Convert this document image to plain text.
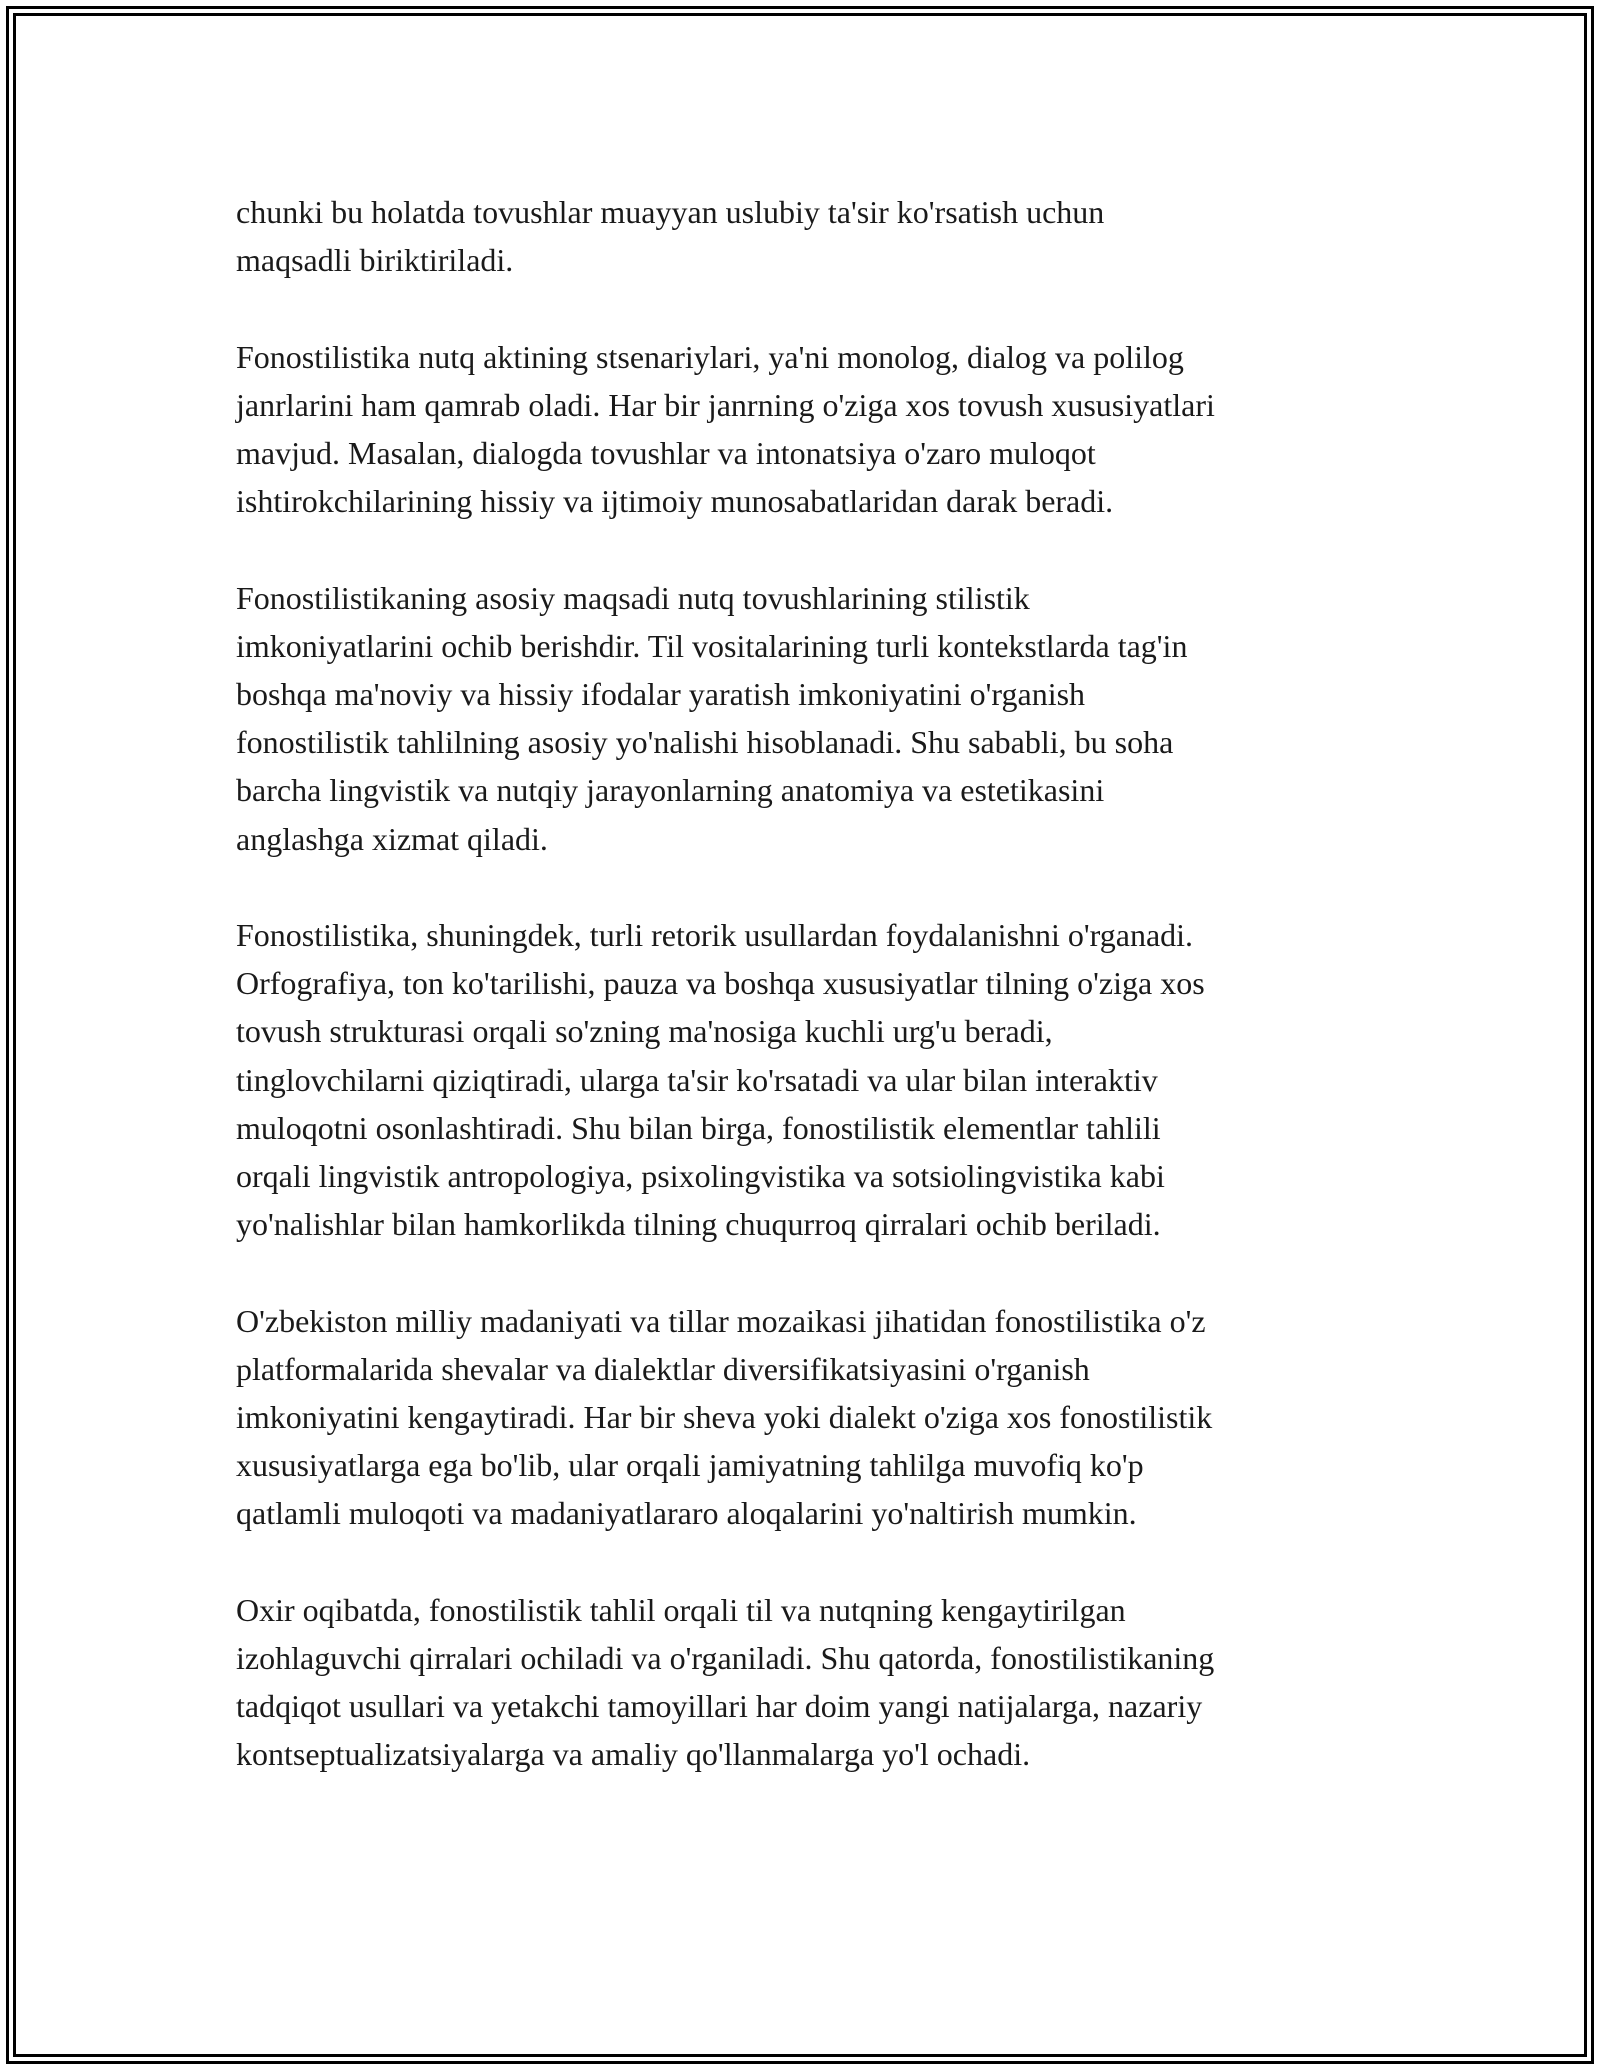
chunki bu holatda tovushlar muayyan uslubiy ta'sir ko'rsatish uchun
maqsadli biriktiriladi.

Fonostilistika nutq aktining stsenariylari, ya'ni monolog, dialog va polilog
janrlarini ham qamrab oladi. Har bir janrning o'ziga xos tovush xususiyatlari
mavjud. Masalan, dialogda tovushlar va intonatsiya o'zaro muloqot
ishtirokchilarining hissiy va ijtimoiy munosabatlaridan darak beradi.

Fonostilistikaning asosiy maqsadi nutq tovushlarining stilistik
imkoniyatlarini ochib berishdir. Til vositalarining turli kontekstlarda tag'in
boshqa ma'noviy va hissiy ifodalar yaratish imkoniyatini o'rganish
fonostilistik tahlilning asosiy yo'nalishi hisoblanadi. Shu sababli, bu soha
barcha lingvistik va nutqiy jarayonlarning anatomiya va estetikasini
anglashga xizmat qiladi.

Fonostilistika, shuningdek, turli retorik usullardan foydalanishni o'rganadi.
Orfografiya, ton ko'tarilishi, pauza va boshqa xususiyatlar tilning o'ziga xos
tovush strukturasi orqali so'zning ma'nosiga kuchli urg'u beradi,
tinglovchilarni qiziqtiradi, ularga ta'sir ko'rsatadi va ular bilan interaktiv
muloqotni osonlashtiradi. Shu bilan birga, fonostilistik elementlar tahlili
orqali lingvistik antropologiya, psixolingvistika va sotsiolingvistika kabi
yo'nalishlar bilan hamkorlikda tilning chuqurroq qirralari ochib beriladi.

O'zbekiston milliy madaniyati va tillar mozaikasi jihatidan fonostilistika o'z
platformalarida shevalar va dialektlar diversifikatsiyasini o'rganish
imkoniyatini kengaytiradi. Har bir sheva yoki dialekt o'ziga xos fonostilistik
xususiyatlarga ega bo'lib, ular orqali jamiyatning tahlilga muvofiq ko'p
qatlamli muloqoti va madaniyatlararo aloqalarini yo'naltirish mumkin.

Oxir oqibatda, fonostilistik tahlil orqali til va nutqning kengaytirilgan
izohlaguvchi qirralari ochiladi va o'rganiladi. Shu qatorda, fonostilistikaning
tadqiqot usullari va yetakchi tamoyillari har doim yangi natijalarga, nazariy
kontseptualizatsiyalarga va amaliy qo'llanmalarga yo'l ochadi.
